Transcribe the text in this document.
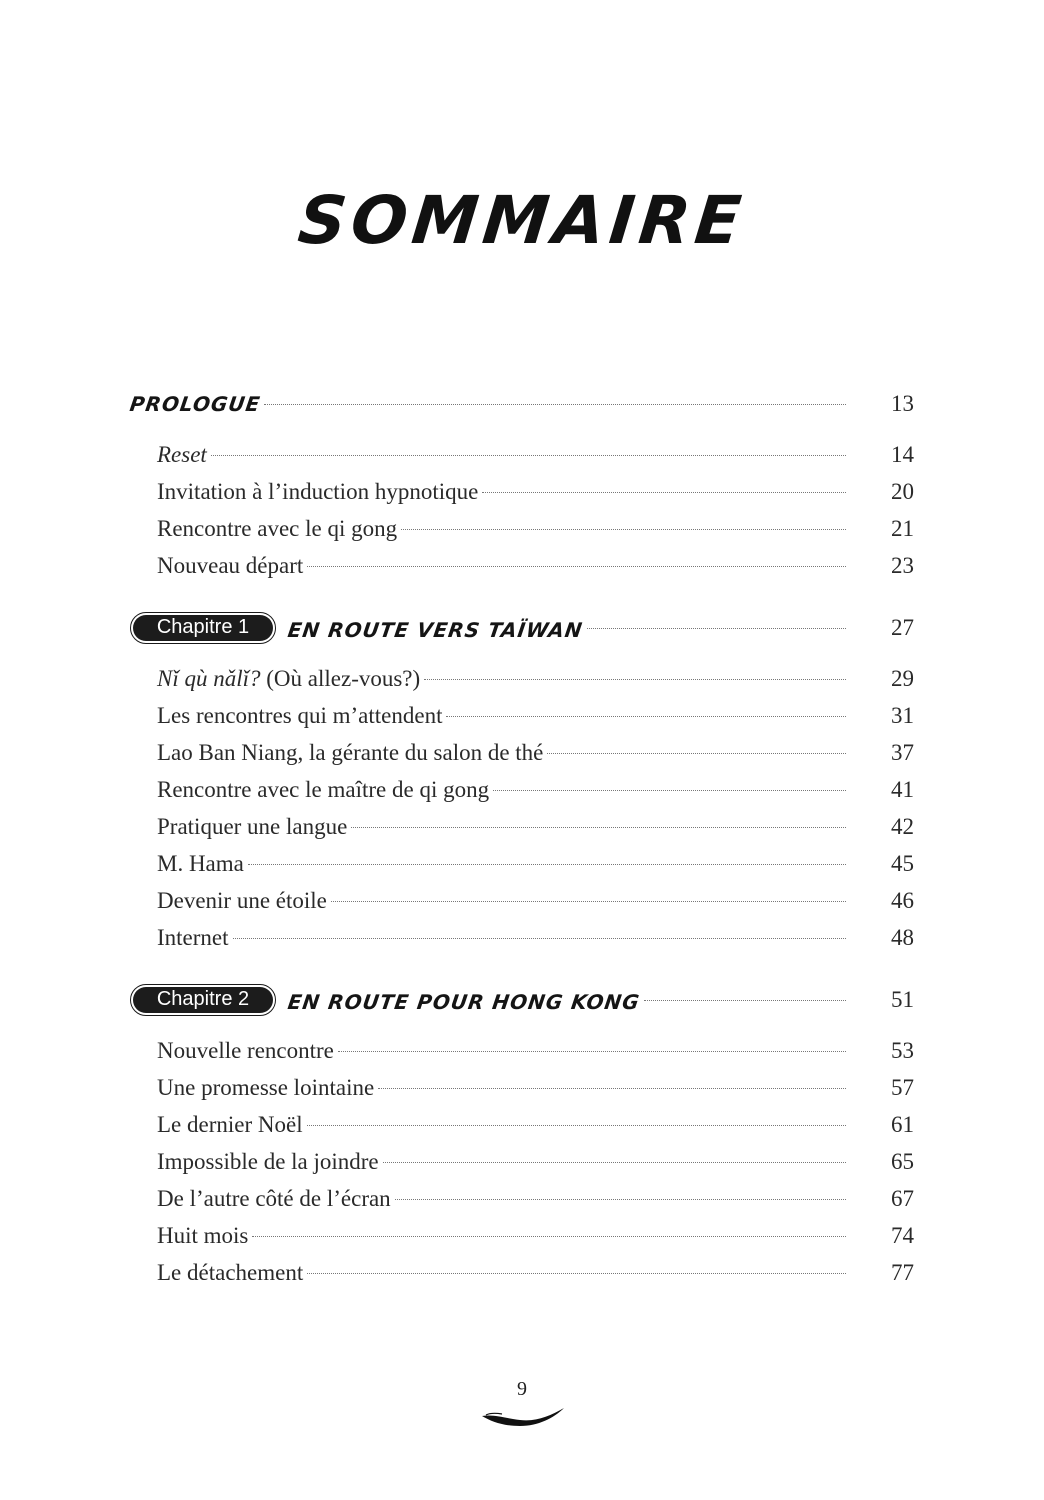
SOMMAIRE
PROLOGUE	13
Reset	14
Invitation à l’induction hypnotique	20
Rencontre avec le qi gong	21
Nouveau départ	23
Chapitre 1	EN ROUTE VERS TAÏWAN	27
Nǐ qù nǎlǐ? (Où allez-vous?)	29
Les rencontres qui m’attendent	31
Lao Ban Niang, la gérante du salon de thé	37
Rencontre avec le maître de qi gong	41
Pratiquer une langue	42
M. Hama	45
Devenir une étoile	46
Internet	48
Chapitre 2	EN ROUTE POUR HONG KONG	51
Nouvelle rencontre	53
Une promesse lointaine	57
Le dernier Noël	61
Impossible de la joindre	65
De l’autre côté de l’écran	67
Huit mois	74
Le détachement	77
9
